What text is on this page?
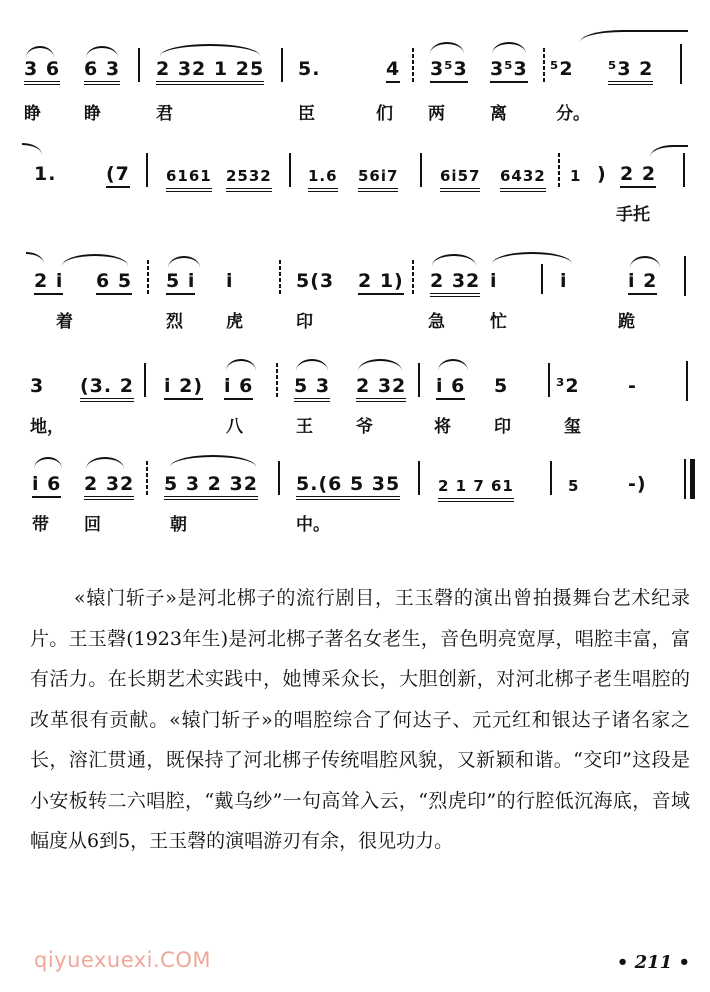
3 6 6 3 2 32 1 25 5.	4 3⁵3 3⁵3 ⁵2 ⁵3 2
睁	睁	君	臣	们 两	离	分。
1.	(7 6161 2532 1.6 56i7	6i57 6432 1 ) 2 2
手托
2 i 6 5 5 i i	5(3 2 1) 2 32 i	i	i 2
着	烈	虎	印	急	忙	跪
3 (3. 2 i 2) i 6 5 3 2 32 i 6 5	³2	-
地，	八	王	爷	将	印	玺
i 6 2 32 5 3 2 32 5.(6 5 35	2 1 7 61	5	-)
带 回	朝	中。
«辕门斩子»是河北梆子的流行剧目，王玉磬的演出曾拍摄舞台艺术纪录片。王玉磬(1923年生)是河北梆子著名女老生，音色明亮宽厚，唱腔丰富，富有活力。在长期艺术实践中，她博采众长，大胆创新，对河北梆子老生唱腔的改革很有贡献。«辕门斩子»的唱腔综合了何达子、元元红和银达子诸名家之长，溶汇贯通，既保持了河北梆子传统唱腔风貌，又新颖和谐。“交印”这段是小安板转二六唱腔，“戴乌纱”一句高耸入云，“烈虎印”的行腔低沉海底，音域幅度从6到5，王玉磬的演唱游刃有余，很见功力。
qiyuexuexi.COM	• 211 •
